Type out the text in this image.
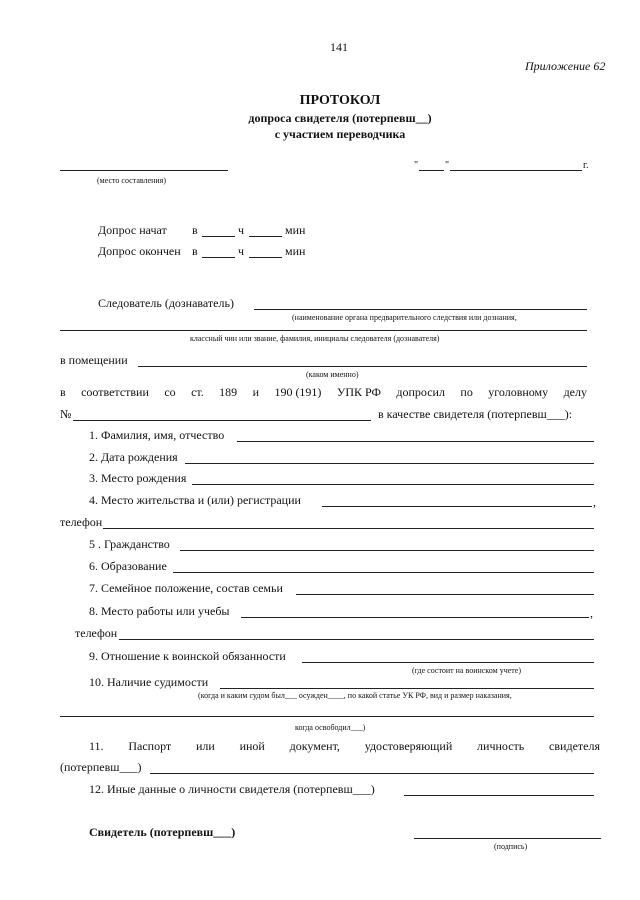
141
Приложение 62
ПРОТОКОЛ
допроса свидетеля (потерпевш__)
с участием переводчика
(место составления)
"	"	г.
Допрос начат в	ч	мин
Допрос окончен в	ч	мин
Следователь (дознаватель)
(наименование органа предварительного следствия или дознания,
классный чин или звание, фамилия, инициалы следователя (дознавателя)
в помещении
(каком именно)
в соответствии со ст. 189 и 190 (191) УПК РФ допросил по уголовному делу
№	в качестве свидетеля (потерпевш___):
1. Фамилия, имя, отчество
2. Дата рождения
3. Место рождения
4. Место жительства и (или) регистрации	,
телефон
5 . Гражданство
6. Образование
7. Семейное положение, состав семьи
8. Место работы или учебы	,
телефон
9. Отношение к воинской обязанности
(где состоит на воинском учете)
10. Наличие судимости
(когда и каким судом был___ осужден____, по какой статье УК РФ, вид и размер наказания,
когда освободил___)
11. Паспорт или иной документ, удостоверяющий личность свидетеля
(потерпевш___)
12. Иные данные о личности свидетеля (потерпевш___)
Свидетель (потерпевш___)
(подпись)
